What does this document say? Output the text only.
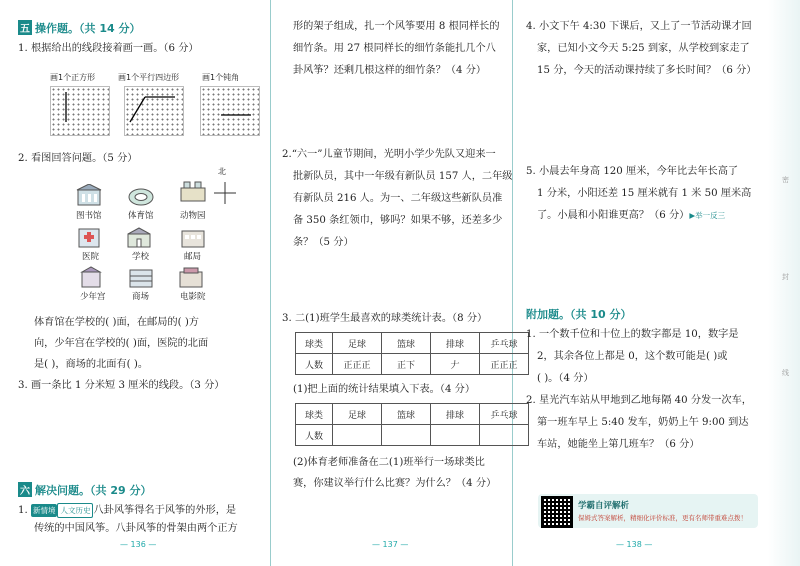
密
封
线
五 操作题。（共 14 分）
1. 根据给出的线段接着画一画。（6 分）
画1个正方形	画1个平行四边形	画1个钝角
2. 看图回答问题。（5 分）
北
图书馆	体育馆	动物园
医院	学校	邮局
少年宫	商场	电影院
体育馆在学校的( )面，在邮局的( )方
向，少年宫在学校的( )面，医院的北面
是( )，商场的北面有( )。
3. 画一条比 1 分米短 3 厘米的线段。（3 分）
六 解决问题。（共 29 分）
1. 新情境 人文历史 八卦风筝得名于风筝的外形，是
传统的中国风筝。八卦风筝的骨架由两个正方
— 136 —
形的架子组成，扎一个风筝要用 8 根同样长的
细竹条。用 27 根同样长的细竹条能扎几个八
卦风筝？还剩几根这样的细竹条？（4 分）
2.“六一”儿童节期间，光明小学少先队又迎来一
批新队员，其中一年级有新队员 157 人，二年级
有新队员 216 人。为一、二年级这些新队员准
备 350 条红领巾，够吗？如果不够，还差多少
条？（5 分）
3. 二(1)班学生最喜欢的球类统计表。（8 分）
球类	足球	篮球	排球	乒乓球
人数	正正正	正下	𠂇	正正正
(1)把上面的统计结果填入下表。（4 分）
球类	足球	篮球	排球	乒乓球
人数				
(2)体育老师准备在二(1)班举行一场球类比
赛，你建议举行什么比赛？为什么？（4 分）
— 137 —
4. 小文下午 4:30 下课后，又上了一节活动课才回
家，已知小文今天 5:25 到家，从学校到家走了
15 分，今天的活动课持续了多长时间？（6 分）
5. 小晨去年身高 120 厘米，今年比去年长高了
1 分米，小阳还差 15 厘米就有 1 米 50 厘米高
了。小晨和小阳谁更高？（6 分）▶举一反三
附加题。（共 10 分）
1. 一个数千位和十位上的数字都是 10，数字是
2，其余各位上都是 0，这个数可能是( )或
( )。（4 分）
2. 星光汽车站从甲地到乙地每隔 40 分发一次车，
第一班车早上 5:40 发车，奶奶上午 9:00 到达
车站，她能坐上第几班车？（6 分）
学霸自评解析
保姆式答案解析，精细化评价标准，更有名师带重难点拨！
— 138 —
